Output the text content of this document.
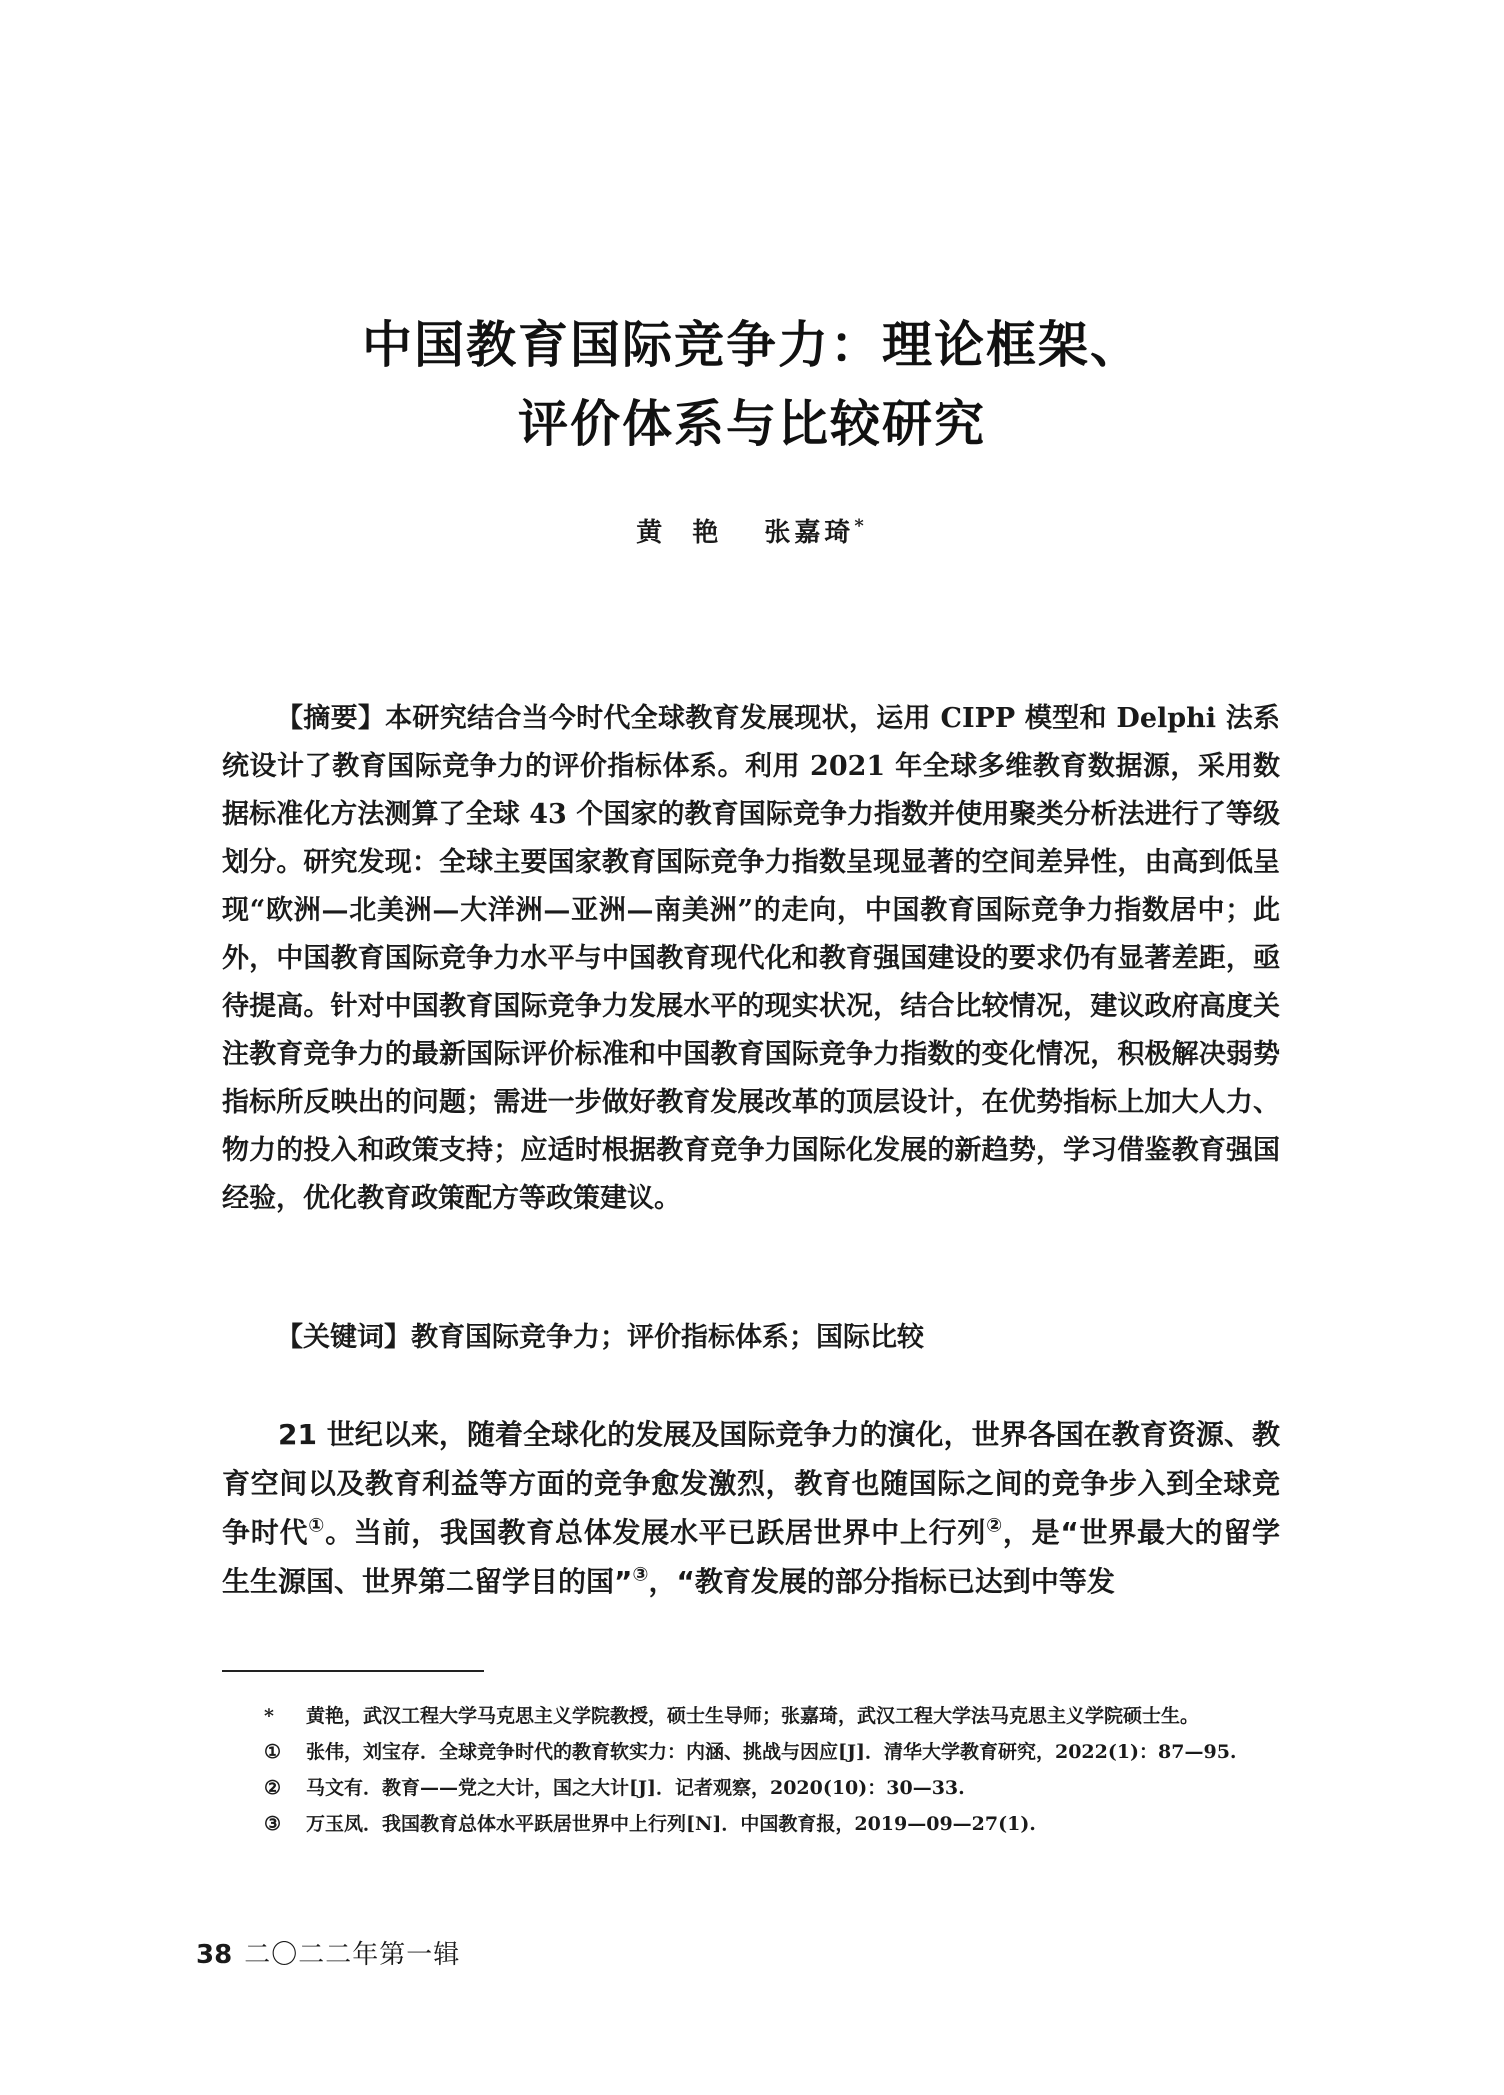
中国教育国际竞争力：理论框架、
评价体系与比较研究
黄  艳 张嘉琦*
【摘要】本研究结合当今时代全球教育发展现状，运用 CIPP 模型和 Delphi 法系统设计了教育国际竞争力的评价指标体系。利用 2021 年全球多维教育数据源，采用数据标准化方法测算了全球 43 个国家的教育国际竞争力指数并使用聚类分析法进行了等级划分。研究发现：全球主要国家教育国际竞争力指数呈现显著的空间差异性，由高到低呈现“欧洲—北美洲—大洋洲—亚洲—南美洲”的走向，中国教育国际竞争力指数居中；此外，中国教育国际竞争力水平与中国教育现代化和教育强国建设的要求仍有显著差距，亟待提高。针对中国教育国际竞争力发展水平的现实状况，结合比较情况，建议政府高度关注教育竞争力的最新国际评价标准和中国教育国际竞争力指数的变化情况，积极解决弱势指标所反映出的问题；需进一步做好教育发展改革的顶层设计，在优势指标上加大人力、物力的投入和政策支持；应适时根据教育竞争力国际化发展的新趋势，学习借鉴教育强国经验，优化教育政策配方等政策建议。
【关键词】教育国际竞争力；评价指标体系；国际比较
21 世纪以来，随着全球化的发展及国际竞争力的演化，世界各国在教育资源、教育空间以及教育利益等方面的竞争愈发激烈，教育也随国际之间的竞争步入到全球竞争时代①。当前，我国教育总体发展水平已跃居世界中上行列②，是“世界最大的留学生生源国、世界第二留学目的国”③，“教育发展的部分指标已达到中等发
* 黄艳，武汉工程大学马克思主义学院教授，硕士生导师；张嘉琦，武汉工程大学法马克思主义学院硕士生。
①	张伟，刘宝存．全球竞争时代的教育软实力：内涵、挑战与因应[J]．清华大学教育研究，2022(1)：87—95.
②	马文有．教育——党之大计，国之大计[J]．记者观察，2020(10)：30—33.
③	万玉凤．我国教育总体水平跃居世界中上行列[N]．中国教育报，2019—09—27(1).
38 二〇二二年第一辑
